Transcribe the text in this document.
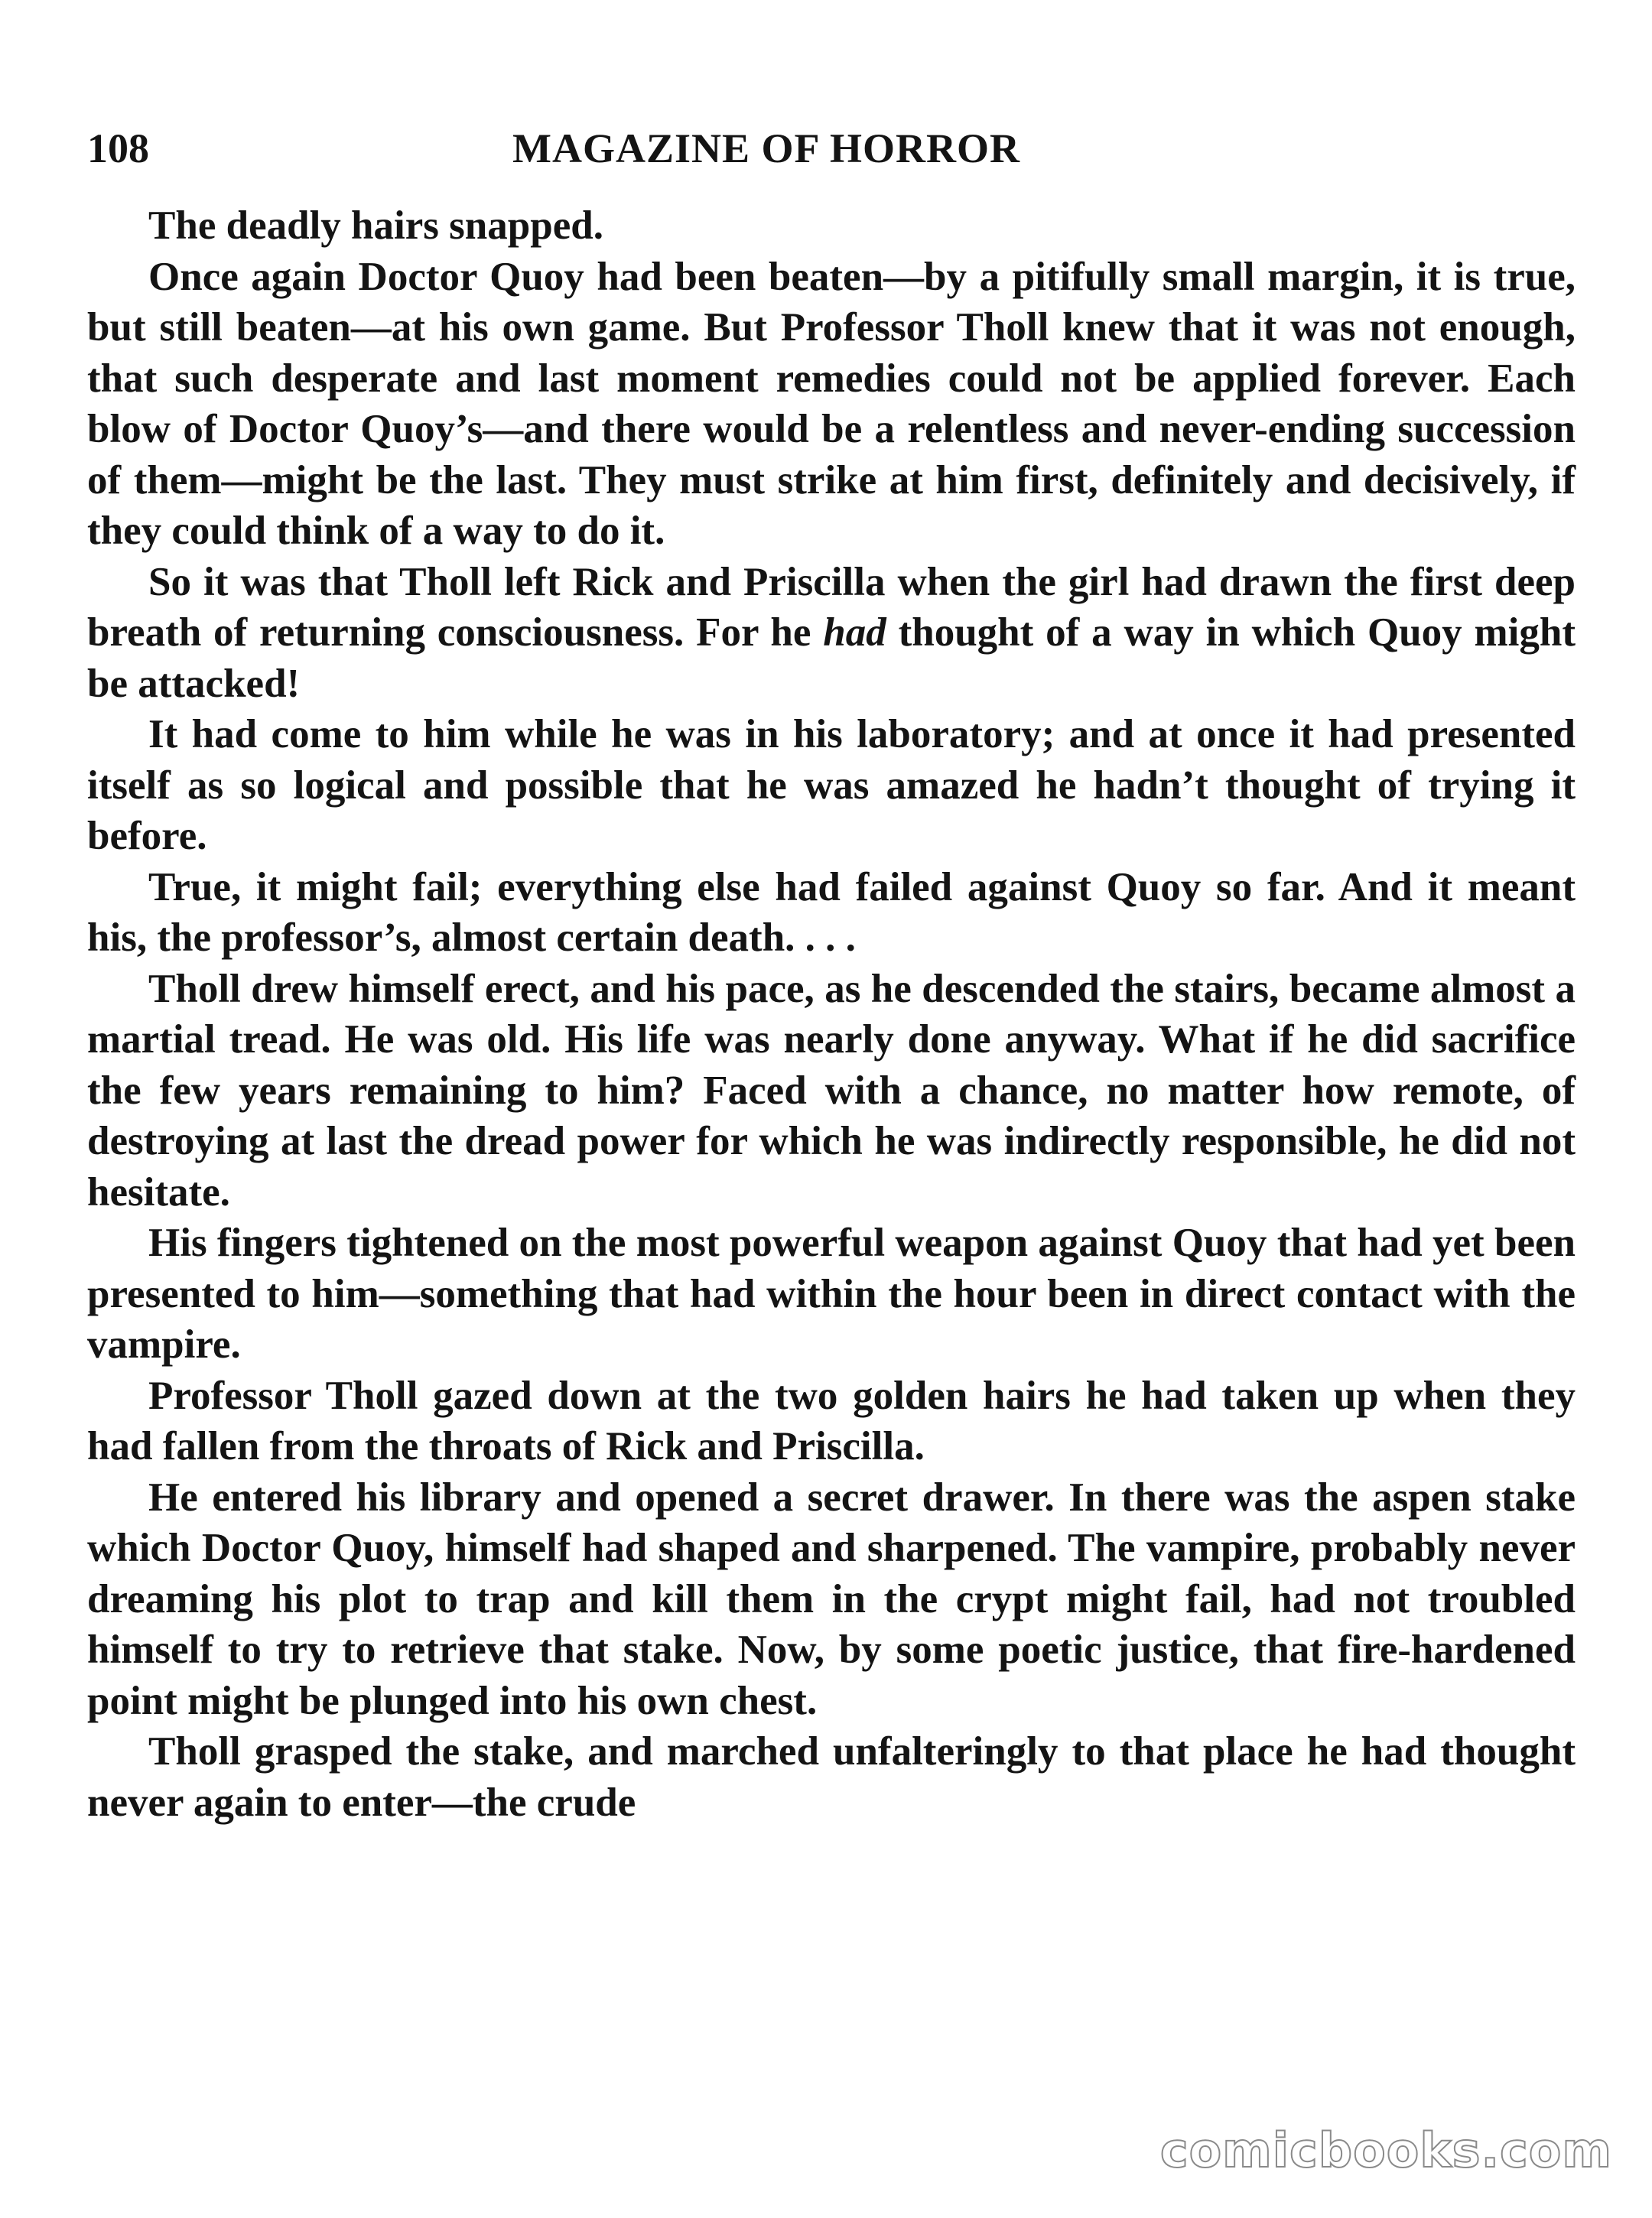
108	MAGAZINE OF HORROR

The deadly hairs snapped.

Once again Doctor Quoy had been beaten—by a pitifully small margin, it is true, but still beaten—at his own game. But Professor Tholl knew that it was not enough, that such desperate and last moment remedies could not be applied forever. Each blow of Doctor Quoy’s—and there would be a relentless and never-ending succession of them—might be the last. They must strike at him first, definitely and decisively, if they could think of a way to do it.

So it was that Tholl left Rick and Priscilla when the girl had drawn the first deep breath of returning consciousness. For he had thought of a way in which Quoy might be attacked!

It had come to him while he was in his laboratory; and at once it had presented itself as so logical and possible that he was amazed he hadn’t thought of trying it before.

True, it might fail; everything else had failed against Quoy so far. And it meant his, the professor’s, almost certain death. . . .

Tholl drew himself erect, and his pace, as he descended the stairs, became almost a martial tread. He was old. His life was nearly done anyway. What if he did sacrifice the few years remaining to him? Faced with a chance, no matter how remote, of destroying at last the dread power for which he was indirectly responsible, he did not hesitate.

His fingers tightened on the most powerful weapon against Quoy that had yet been presented to him—something that had within the hour been in direct contact with the vampire.

Professor Tholl gazed down at the two golden hairs he had taken up when they had fallen from the throats of Rick and Priscilla.

He entered his library and opened a secret drawer. In there was the aspen stake which Doctor Quoy, himself had shaped and sharpened. The vampire, probably never dreaming his plot to trap and kill them in the crypt might fail, had not troubled himself to try to retrieve that stake. Now, by some poetic justice, that fire-hardened point might be plunged into his own chest.

Tholl grasped the stake, and marched unfalteringly to that place he had thought never again to enter—the crude

comicbooks.com
